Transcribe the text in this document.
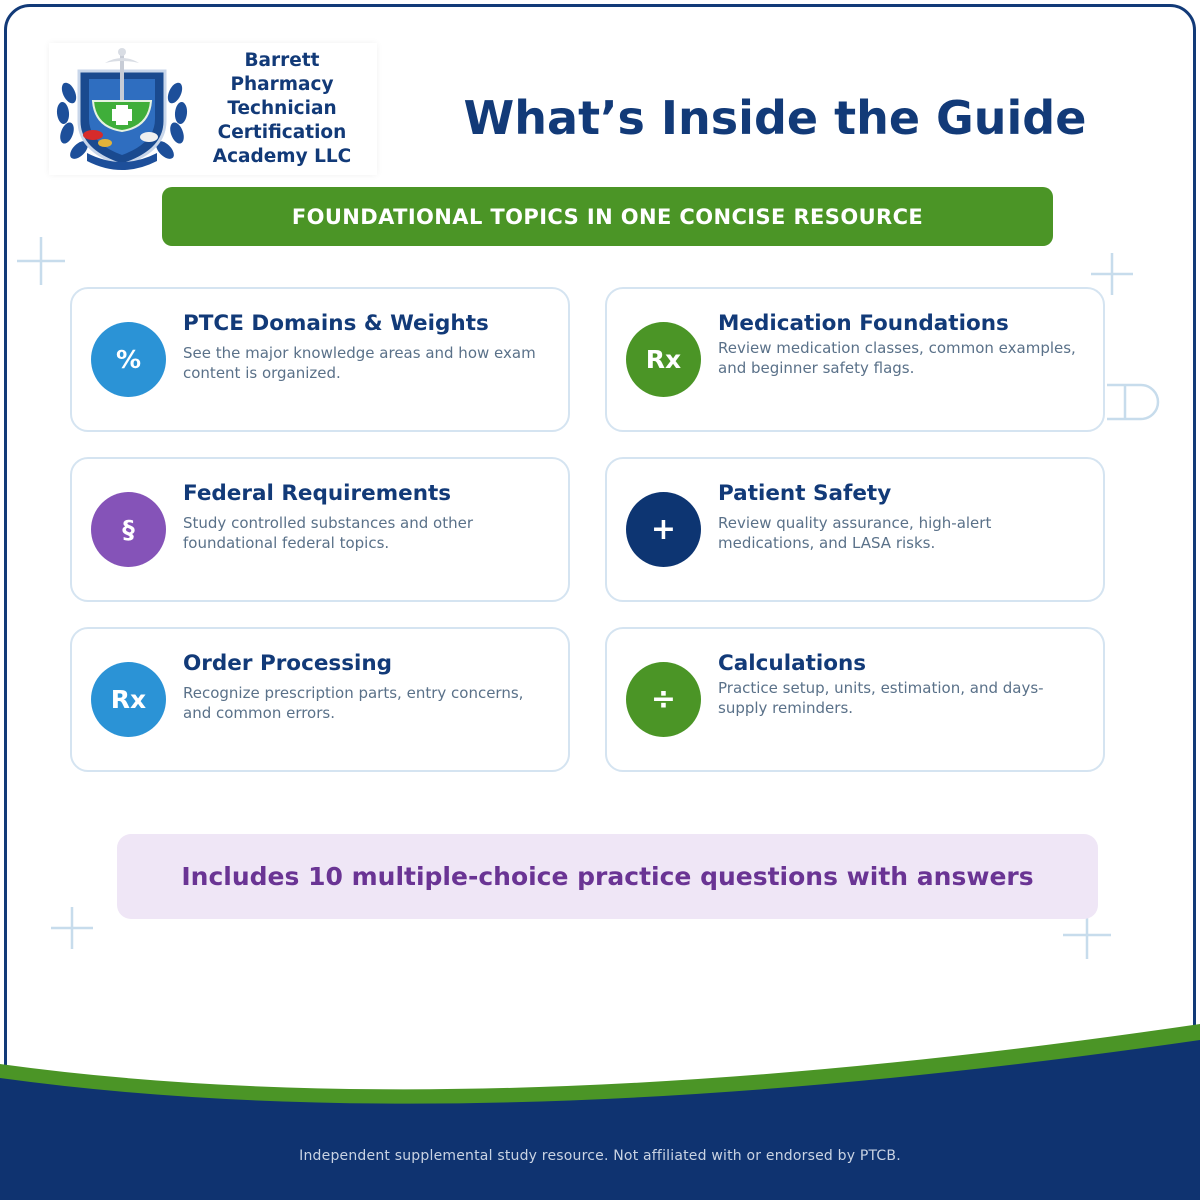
Barrett
Pharmacy
Technician
Certification
Academy LLC
What’s Inside the Guide
FOUNDATIONAL TOPICS IN ONE CONCISE RESOURCE
%
PTCE Domains & Weights
See the major knowledge areas and how exam content is organized.	Rx
Medication Foundations
Review medication classes, common examples, and beginner safety flags.
§
Federal Requirements
Study controlled substances and other foundational federal topics.	+
Patient Safety
Review quality assurance, high-alert medications, and LASA risks.
Rx
Order Processing
Recognize prescription parts, entry concerns, and common errors.	÷
Calculations
Practice setup, units, estimation, and days-supply reminders.
Includes 10 multiple-choice practice questions with answers
Independent supplemental study resource. Not affiliated with or endorsed by PTCB.
